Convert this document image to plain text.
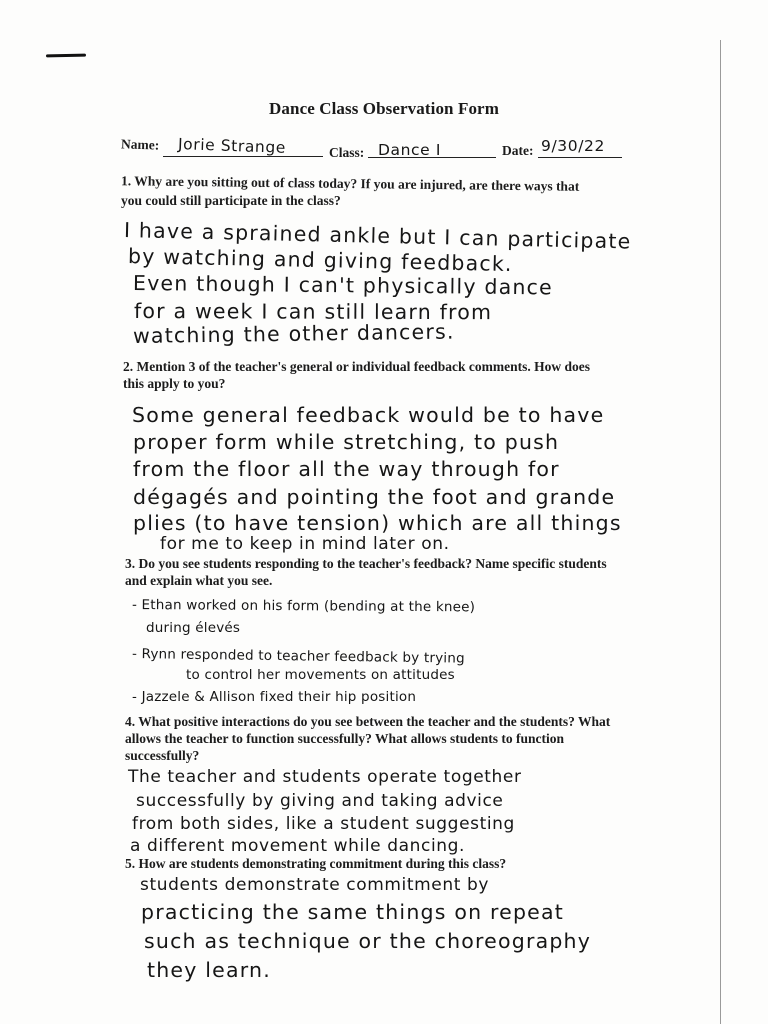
Dance Class Observation Form
Name: Jorie Strange	Class: Dance I	Date: 9/30/22
1. Why are you sitting out of class today? If you are injured, are there ways that
you could still participate in the class?
I have a sprained ankle but I can participate
by watching and giving feedback.
Even though I can't physically dance
for a week I can still learn from
watching the other dancers.
2. Mention 3 of the teacher's general or individual feedback comments. How does
this apply to you?
Some general feedback would be to have
proper form while stretching, to push
from the floor all the way through for
dégagés and pointing the foot and grande
plies (to have tension) which are all things
for me to keep in mind later on.
3. Do you see students responding to the teacher's feedback? Name specific students
and explain what you see.
- Ethan worked on his form (bending at the knee)
during élevés
- Rynn responded to teacher feedback by trying
to control her movements on attitudes
- Jazzele & Allison fixed their hip position
4. What positive interactions do you see between the teacher and the students? What
allows the teacher to function successfully? What allows students to function
successfully?
The teacher and students operate together
successfully by giving and taking advice
from both sides, like a student suggesting
a different movement while dancing.
5. How are students demonstrating commitment during this class?
students demonstrate commitment by
practicing the same things on repeat
such as technique or the choreography
they learn.
